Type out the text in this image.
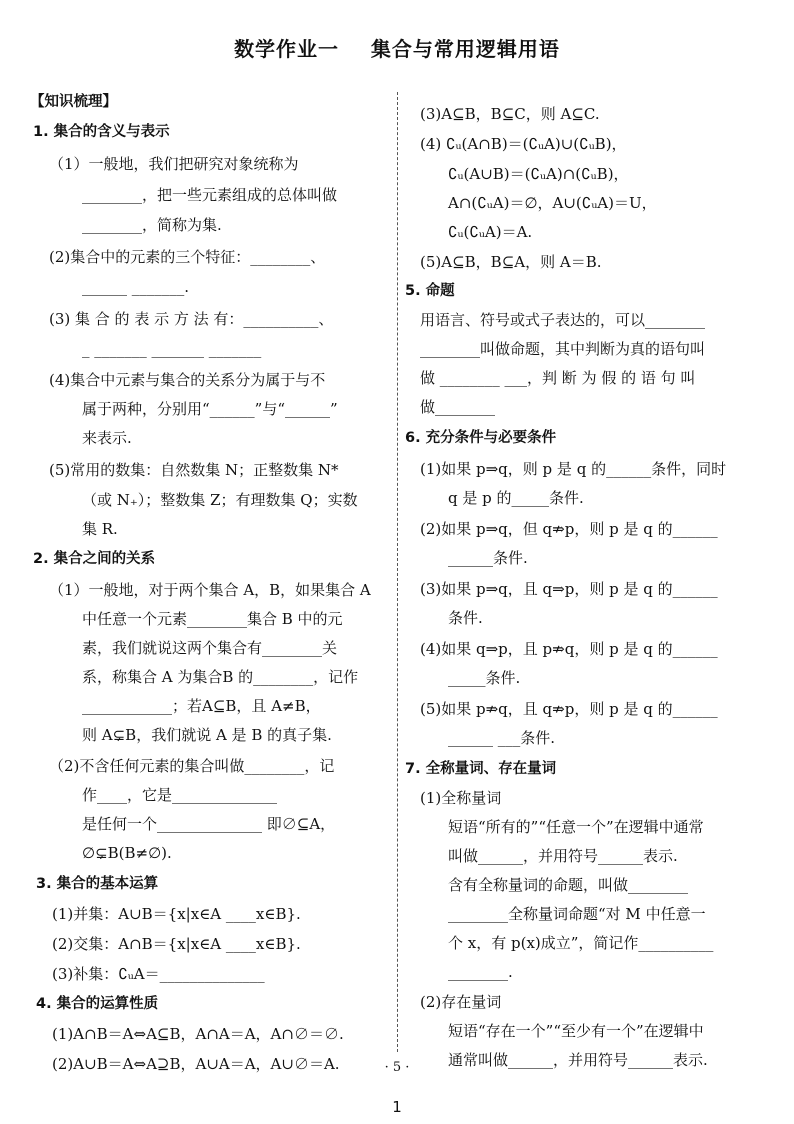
数学作业一    集合与常用逻辑用语
【知识梳理】
1. 集合的含义与表示
（1）一般地，我们把研究对象统称为
________，把一些元素组成的总体叫做
________，简称为集.
(2)集合中的元素的三个特征：________、
______ _______.
(3) 集 合 的 表 示 方 法 有：__________、
_ _______ _______ _______
(4)集合中元素与集合的关系分为属于与不
属于两种，分别用“______”与“______”
来表示.
(5)常用的数集：自然数集 N；正整数集 N*
（或 N₊）；整数集 Z；有理数集 Q；实数
集 R.
2. 集合之间的关系
（1）一般地，对于两个集合 A，B，如果集合 A
中任意一个元素________集合 B 中的元
素，我们就说这两个集合有________关
系，称集合 A 为集合B 的________，记作
____________；若A⊆B，且 A≠B，
则 A⊊B，我们就说 A 是 B 的真子集.
（2)不含任何元素的集合叫做________，记
作____，它是______________
是任何一个______________ 即∅⊆A，
∅⊊B(B≠∅).
3. 集合的基本运算
(1)并集：A∪B＝{x|x∈A ____x∈B}.
(2)交集：A∩B＝{x|x∈A ____x∈B}.
(3)补集：∁ᵤA＝______________
4. 集合的运算性质
(1)A∩B＝A⇔A⊆B，A∩A＝A，A∩∅＝∅.
(2)A∪B＝A⇔A⊇B，A∪A＝A，A∪∅＝A.
(3)A⊆B，B⊆C，则 A⊆C.
(4) ∁ᵤ(A∩B)＝(∁ᵤA)∪(∁ᵤB)，
∁ᵤ(A∪B)＝(∁ᵤA)∩(∁ᵤB)，
A∩(∁ᵤA)＝∅，A∪(∁ᵤA)＝U，
∁ᵤ(∁ᵤA)＝A.
(5)A⊆B，B⊆A，则 A＝B.
5. 命题
用语言、符号或式子表达的，可以________
________叫做命题，其中判断为真的语句叫
做 ________ ___，判 断 为 假 的 语 句 叫
做________
6. 充分条件与必要条件
(1)如果 p⇒q，则 p 是 q 的______条件，同时
q 是 p 的_____条件.
(2)如果 p⇒q，但 q⇏p，则 p 是 q 的______
______条件.
(3)如果 p⇒q，且 q⇒p，则 p 是 q 的______
条件.
(4)如果 q⇒p，且 p⇏q，则 p 是 q 的______
_____条件.
(5)如果 p⇏q，且 q⇏p，则 p 是 q 的______
______ ___条件.
7. 全称量词、存在量词
(1)全称量词
短语“所有的”“任意一个”在逻辑中通常
叫做______，并用符号______表示.
含有全称量词的命题，叫做________
________全称量词命题“对 M 中任意一
个 x，有 p(x)成立”，简记作__________
________.
(2)存在量词
短语“存在一个”“至少有一个”在逻辑中
通常叫做______，并用符号______表示.
· 5 ·
1
